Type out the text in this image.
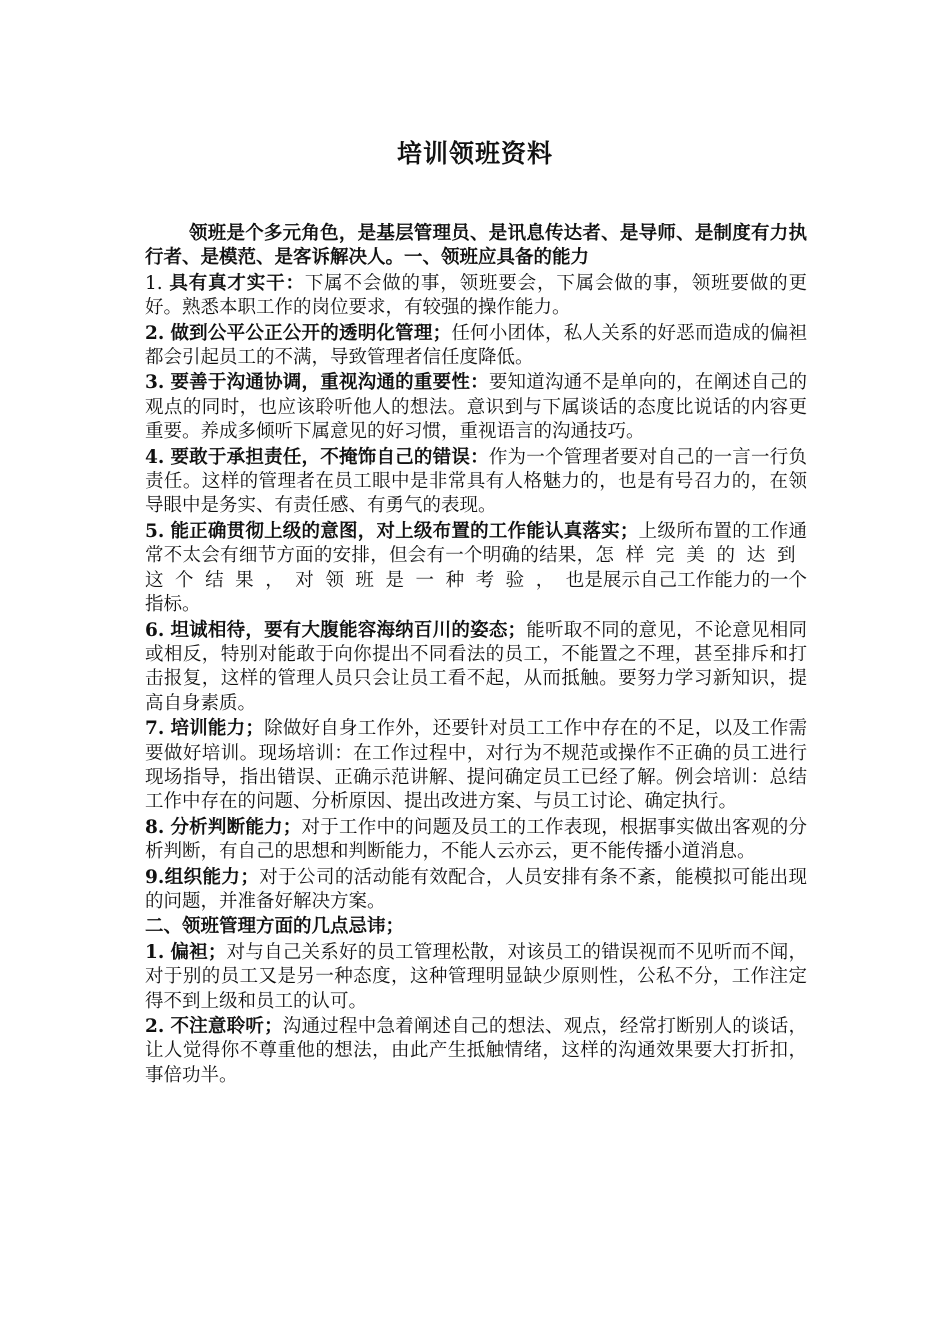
培训领班资料

领班是个多元角色，是基层管理员、是讯息传达者、是导师、是制度有力执行者、是模范、是客诉解决人。一、领班应具备的能力

1. 具有真才实干：下属不会做的事，领班要会，下属会做的事，领班要做的更好。熟悉本职工作的岗位要求，有较强的操作能力。

2. 做到公平公正公开的透明化管理；任何小团体，私人关系的好恶而造成的偏袒都会引起员工的不满，导致管理者信任度降低。

3. 要善于沟通协调，重视沟通的重要性：要知道沟通不是单向的，在阐述自己的观点的同时，也应该聆听他人的想法。意识到与下属谈话的态度比说话的内容更重要。养成多倾听下属意见的好习惯，重视语言的沟通技巧。

4. 要敢于承担责任，不掩饰自己的错误：作为一个管理者要对自己的一言一行负责任。这样的管理者在员工眼中是非常具有人格魅力的，也是有号召力的，在领导眼中是务实、有责任感、有勇气的表现。

5. 能正确贯彻上级的意图，对上级布置的工作能认真落实；上级所布置的工作通常不太会有细节方面的安排，但会有一个明确的结果，怎样完美的达到这个结果，对领班是一种考验，也是展示自己工作能力的一个指标。

6. 坦诚相待，要有大腹能容海纳百川的姿态；能听取不同的意见，不论意见相同或相反，特别对能敢于向你提出不同看法的员工，不能置之不理，甚至排斥和打击报复，这样的管理人员只会让员工看不起，从而抵触。要努力学习新知识，提高自身素质。

7. 培训能力；除做好自身工作外，还要针对员工工作中存在的不足，以及工作需要做好培训。现场培训：在工作过程中，对行为不规范或操作不正确的员工进行现场指导，指出错误、正确示范讲解、提问确定员工已经了解。例会培训：总结工作中存在的问题、分析原因、提出改进方案、与员工讨论、确定执行。

8. 分析判断能力；对于工作中的问题及员工的工作表现，根据事实做出客观的分析判断，有自己的思想和判断能力，不能人云亦云，更不能传播小道消息。

9.组织能力；对于公司的活动能有效配合，人员安排有条不紊，能模拟可能出现的问题，并准备好解决方案。

二、领班管理方面的几点忌讳；

1. 偏袒；对与自己关系好的员工管理松散，对该员工的错误视而不见听而不闻，对于别的员工又是另一种态度，这种管理明显缺少原则性，公私不分，工作注定得不到上级和员工的认可。

2. 不注意聆听；沟通过程中急着阐述自己的想法、观点，经常打断别人的谈话，让人觉得你不尊重他的想法，由此产生抵触情绪，这样的沟通效果要大打折扣，事倍功半。
